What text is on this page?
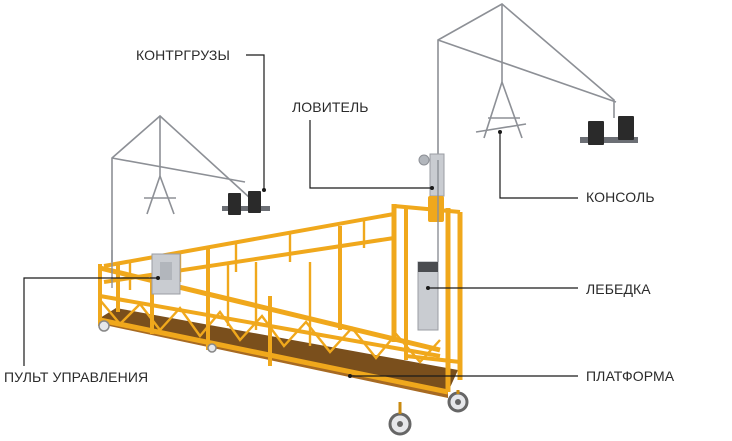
КОНТРГРУЗЫ
ЛОВИТЕЛЬ
КОНСОЛЬ
ЛЕБЕДКА
ПУЛЬТ УПРАВЛЕНИЯ	ПЛАТФОРМА
